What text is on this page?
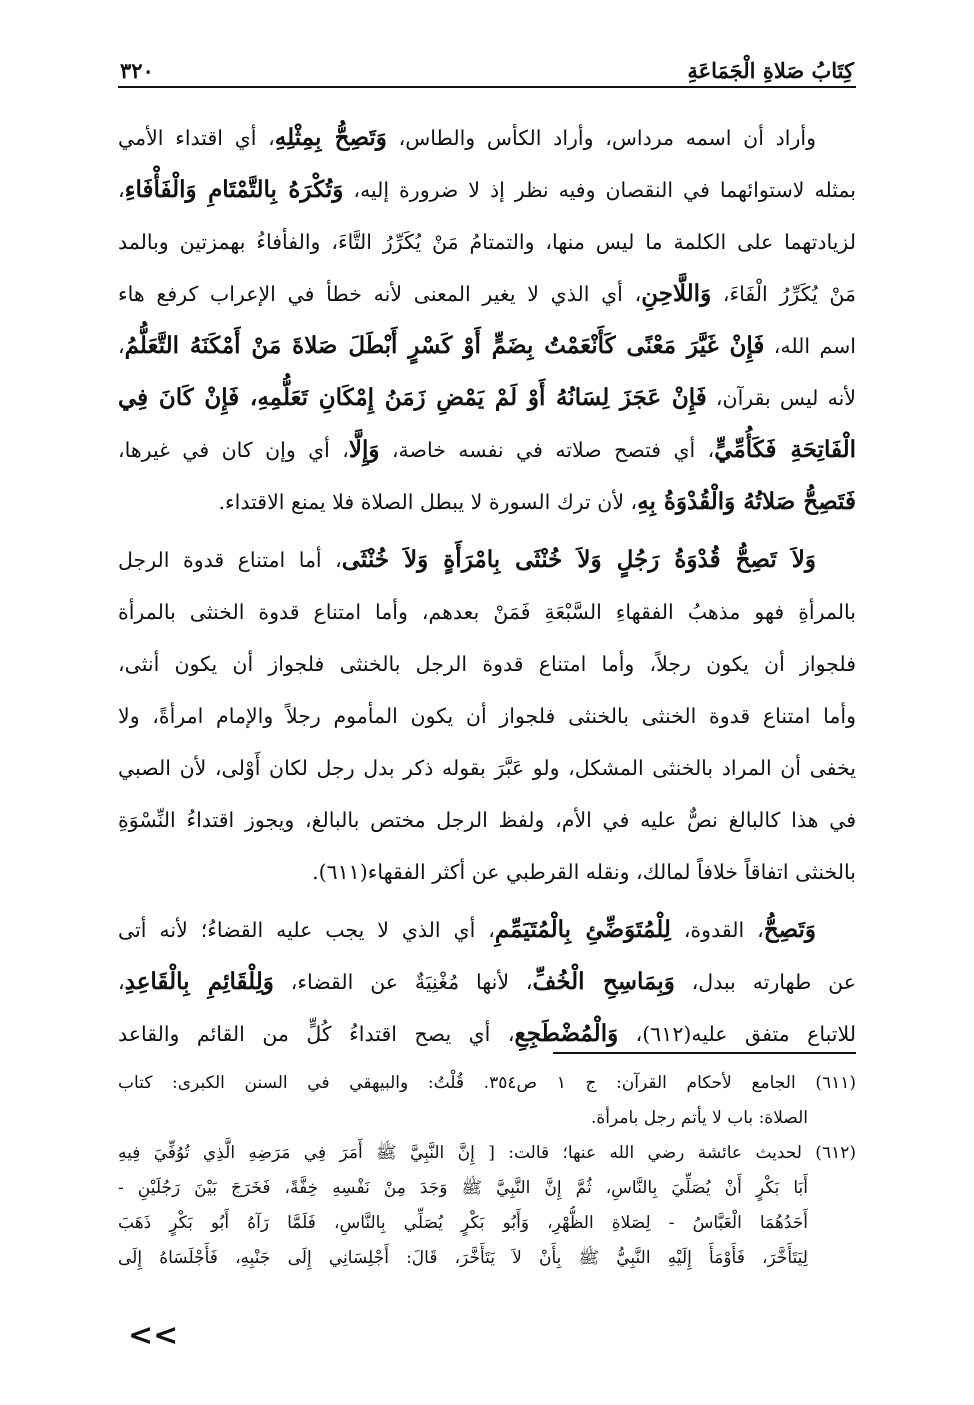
كِتَابُ صَلاةِ الْجَمَاعَةِ
٣٢٠
وأراد أن اسمه مرداس، وأراد الكأس والطاس، وَتَصِحُّ بِمِثْلِهِ، أي اقتداء الأمي
بمثله لاستوائهما في النقصان وفيه نظر إذ لا ضرورة إليه، وَتُكْرَهُ بِالتَّمْتَامِ وَالْفَأْفَاءِ،
لزيادتهما على الكلمة ما ليس منها، والتمتامُ مَنْ يُكَرِّرُ التَّاءَ، والفأفاءُ بهمزتين وبالمد
مَنْ يُكَرِّرُ الْفَاءَ، وَاللَّاحِنِ، أي الذي لا يغير المعنى لأنه خطأ في الإعراب كرفع هاء
اسم الله، فَإِنْ غَيَّرَ مَعْنًى كَأَنْعَمْتُ بِضَمٍّ أَوْ كَسْرٍ أَبْطَلَ صَلاةَ مَنْ أَمْكَنَهُ التَّعَلُّمُ،
لأنه ليس بقرآن، فَإِنْ عَجَزَ لِسَانُهُ أَوْ لَمْ يَمْضِ زَمَنُ إِمْكَانِ تَعَلُّمِهِ، فَإِنْ كَانَ فِي
الْفَاتِحَةِ فَكَأُمِّيٍّ، أي فتصح صلاته في نفسه خاصة، وَإِلَّا، أي وإن كان في غيرها،
فَتَصِحُّ صَلاتُهُ وَالْقُدْوَةُ بِهِ، لأن ترك السورة لا يبطل الصلاة فلا يمنع الاقتداء.
وَلاَ تَصِحُّ قُدْوَةُ رَجُلٍ وَلاَ خُنْثَى بِامْرَأَةٍ وَلاَ خُنْثَى، أما امتناع قدوة الرجل
بالمرأةِ فهو مذهبُ الفقهاءِ السَّبْعَةِ فَمَنْ بعدهم، وأما امتناع قدوة الخنثى بالمرأة
فلجواز أن يكون رجلاً، وأما امتناع قدوة الرجل بالخنثى فلجواز أن يكون أنثى،
وأما امتناع قدوة الخنثى بالخنثى فلجواز أن يكون المأموم رجلاً والإمام امرأةً، ولا
يخفى أن المراد بالخنثى المشكل، ولو عَبَّرَ بقوله ذكر بدل رجل لكان أَوْلى، لأن الصبي
في هذا كالبالغ نصٌّ عليه في الأم، ولفظ الرجل مختص بالبالغ، ويجوز اقتداءُ النِّسْوَةِ
بالخنثى اتفاقاً خلافاً لمالك، ونقله القرطبي عن أكثر الفقهاء(٦١١).
وَتَصِحُّ، القدوة، لِلْمُتَوَضِّئِ بِالْمُتَيَمِّمِ، أي الذي لا يجب عليه القضاءُ؛ لأنه أتى
عن طهارته ببدل، وَبِمَاسِحِ الْخُفِّ، لأنها مُغْنِيَةٌ عن القضاء، وَلِلْقَائِمِ بِالْقَاعِدِ،
للاتباع متفق عليه(٦١٢)، وَالْمُضْطَجِعِ، أي يصح اقتداءُ كُلٍّ من القائم والقاعد
(٦١١) الجامع لأحكام القرآن: ج ١ ص٣٥٤. قُلْتُ: والبيهقي في السنن الكبرى: كتاب
الصلاة: باب لا يأتم رجل بامرأة.
(٦١٢) لحديث عائشة رضي الله عنها؛ قالت: [ إِنَّ النَّبِيَّ ﷺ أَمَرَ فِي مَرَضِهِ الَّذِي تُوُفِّيَ فِيهِ
أَبَا بَكْرٍ أَنْ يُصَلِّيَ بِالنَّاسِ، ثُمَّ إِنَّ النَّبِيَّ ﷺ وَجَدَ مِنْ نَفْسِهِ خِفَّةً، فَخَرَجَ بَيْنَ رَجُلَيْنِ -
أَحَدُهُمَا الْعَبَّاسُ - لِصَلاةِ الظُّهْرِ، وَأَبُو بَكْرٍ يُصَلِّي بِالنَّاسِ، فَلَمَّا رَآهُ أَبُو بَكْرٍ ذَهَبَ
لِيَتَأَخَّرَ، فَأَوْمَأَ إِلَيْهِ النَّبِيُّ ﷺ بِأَنْ لاَ يَتَأَخَّرَ، قَالَ: أَجْلِسَانِي إِلَى جَنْبِهِ، فَأَجْلَسَاهُ إِلَى
<<
